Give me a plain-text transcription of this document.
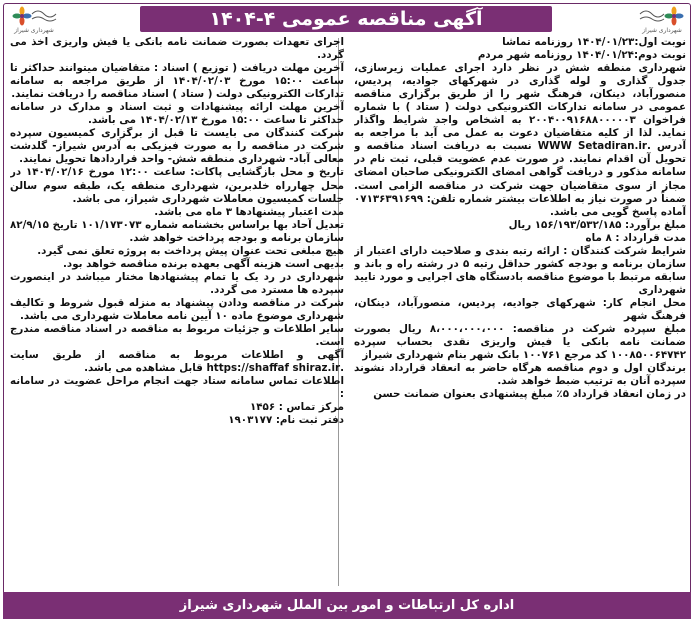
شهرداری شیراز
آگهی مناقصه عمومی ۴-۱۴۰۴
شهرداری شیراز

نوبت اول:۱۴۰۴/۰۱/۲۳ روزنامه تماشا

نوبت دوم:۱۴۰۴/۰۱/۲۴ روزنامه شهر مردم

شهرداری منطقه شش در نظر دارد اجرای عملیات زیرسازی، جدول گذاری و لوله گذاری در شهرکهای جوادیه، پردیس، منصورآباد، دینکان، فرهنگ شهر را از طریق برگزاری مناقصه عمومی در سامانه تدارکات الکترونیکی دولت ( ستاد ) با شماره فراخوان ۲۰۰۴۰۰۹۱۶۸۸۰۰۰۰۰۳ به اشخاص واجد شرایط واگذار نماید. لذا از کلیه متقاضیان دعوت به عمل می آید با مراجعه به آدرس .WWW Setadiran.ir نسبت به دریافت اسناد مناقصه و تحویل آن اقدام نمایند. در صورت عدم عضویت قبلی، ثبت نام در سامانه مذکور و دریافت گواهی امضای الکترونیکی صاحبان امضای مجاز از سوی متقاضیان جهت شرکت در مناقصه الزامی است. ضمناً در صورت نیاز به اطلاعات بیشتر شماره تلفن: ۰۷۱۳۶۳۹۱۶۹۹ آماده پاسخ گویی می باشد.

مبلغ برآورد: ۱۵۶/۱۹۳/۵۳۲/۱۸۵ ریال

مدت قرارداد : ۸ ماه

شرایط شرکت کنندگان : ارائه رتبه بندی و صلاحیت دارای اعتبار از سازمان برنامه و بودجه کشور حداقل رتبه ۵ در رشته راه و باند و سابقه مرتبط با موضوع مناقصه بادستگاه های اجرایی و مورد تایید شهرداری

محل انجام کار: شهرکهای جوادیه، پردیس، منصورآباد، دینکان، فرهنگ شهر

مبلغ سپرده شرکت در مناقصه: ۸،۰۰۰،۰۰۰،۰۰۰ ریال بصورت ضمانت نامه بانکی یا فیش واریزی نقدی بحساب سپرده ۱۰۰۸۵۰۰۶۴۷۴۲ کد مرجع ۱۰۰۷۶۱ بانک شهر بنام شهرداری شیراز

برندگان اول و دوم مناقصه هرگاه حاضر به انعقاد قرارداد نشوند سپرده آنان به ترتیب ضبط خواهد شد.

در زمان انعقاد قرارداد ۵٪ مبلغ پیشنهادی بعنوان ضمانت حسن

اجرای تعهدات بصورت ضمانت نامه بانکی یا فیش واریزی اخذ می گردد.

آخرین مهلت دریافت ( توزیع ) اسناد : متقاضیان میتوانند حداکثر تا ساعت ۱۵:۰۰ مورخ ۱۴۰۴/۰۲/۰۳ از طریق مراجعه به سامانه تدارکات الکترونیکی دولت ( ستاد ) اسناد مناقصه را دریافت نمایند.

آخرین مهلت ارائه پیشنهادات و ثبت اسناد و مدارک در سامانه حداکثر تا ساعت ۱۵:۰۰ مورخ ۱۴۰۴/۰۲/۱۳ می باشد.

شرکت کنندگان می بایست تا قبل از برگزاری کمیسیون سپرده شرکت در مناقصه را به صورت فیزیکی به آدرس شیراز- گلدشت معالی آباد- شهرداری منطقه شش- واحد قراردادها تحویل نمایند.

تاریخ و محل بازگشایی پاکات: ساعت ۱۲:۰۰ مورخ ۱۴۰۴/۰۲/۱۶ در محل چهارراه خلدبرین، شهرداری منطقه یک، طبقه سوم سالن جلسات کمیسیون معاملات شهرداری شیراز، می باشد.

مدت اعتبار پیشنهادها ۳ ماه می باشد.

تعدیل آحاد بها براساس بخشنامه شماره ۱۰۱/۱۷۳۰۷۳ تاریخ ۸۲/۹/۱۵ سازمان برنامه و بودجه پرداخت خواهد شد.

هیچ مبلغی تحت عنوان پیش پرداخت به پروژه تعلق نمی گیرد.

بدیهی است هزینه آگهی بعهده برنده مناقصه خواهد بود.

شهرداری در رد یک یا تمام پیشنهادها مختار میباشد در اینصورت سپرده ها مسترد می گردد.

شرکت در مناقصه ودادن پیشنهاد به منزله قبول شروط و تکالیف شهرداری موضوع ماده ۱۰ آیین نامه معاملات شهرداری می باشد.

سایر اطلاعات و جزئیات مربوط به مناقصه در اسناد مناقصه مندرج است.

آگهی و اطلاعات مربوط به مناقصه از طریق سایت .https://shaffaf shiraz.ir قابل مشاهده می باشد.

اطلاعات تماس سامانه ستاد جهت انجام مراحل عضویت در سامانه :

مرکز تماس : ۱۴۵۶

دفتر ثبت نام: ۱۹۰۳۱۷۷

اداره کل ارتباطات و امور بین الملل شهرداری شیراز
